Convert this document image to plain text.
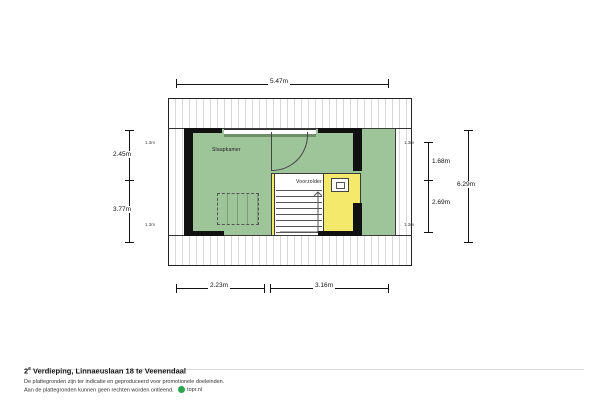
Slaapkamer
Voorzolder
5.47m
2.45m
3.77m
6.29m
1.68m
2.69m
2.23m	3.16m
1.3m
1.3m
1.3m
1.3m
2e Verdieping, Linnaeuslaan 18 te Veenendaal
De plattegronden zijn ter indicatie en geproduceerd voor promotionele doeleinden.
Aan de plattegronden kunnen geen rechten worden ontleend. topr.nl
